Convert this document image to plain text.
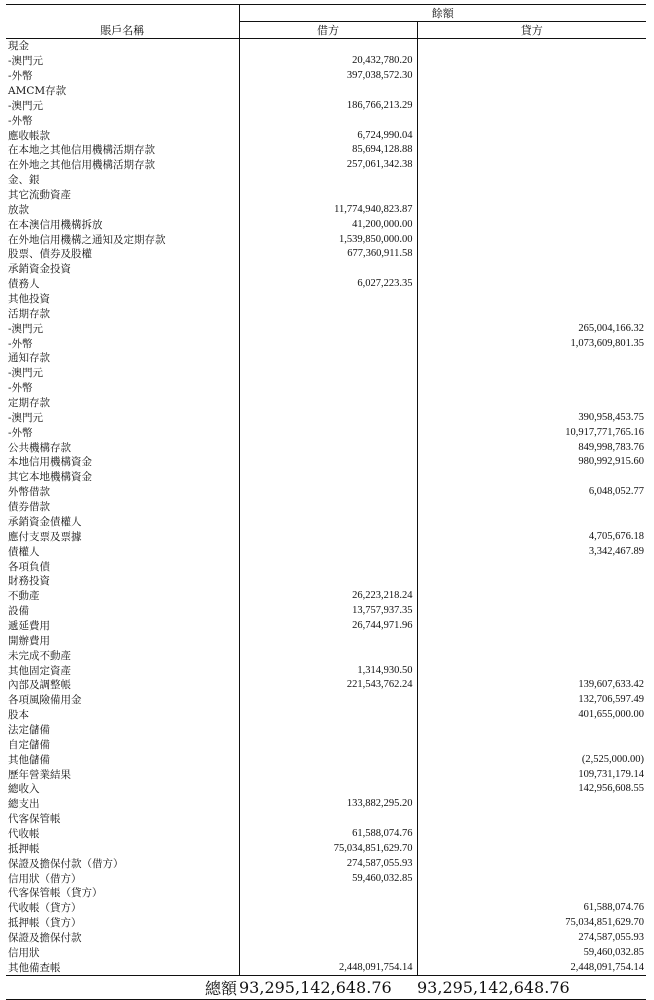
	餘額	
賬戶名稱	借方	貸方
現金		
-澳門元	20,432,780.20	
-外幣	397,038,572.30	
AMCM存款		
-澳門元	186,766,213.29	
-外幣		
應收帳款	6,724,990.04	
在本地之其他信用機構活期存款	85,694,128.88	
在外地之其他信用機構活期存款	257,061,342.38	
金、銀		
其它流動資產		
放款	11,774,940,823.87	
在本澳信用機構拆放	41,200,000.00	
在外地信用機構之通知及定期存款	1,539,850,000.00	
股票、債券及股權	677,360,911.58	
承銷資金投資		
債務人	6,027,223.35	
其他投資		
活期存款		
-澳門元		265,004,166.32
-外幣		1,073,609,801.35
通知存款		
-澳門元		
-外幣		
定期存款		
-澳門元		390,958,453.75
-外幣		10,917,771,765.16
公共機構存款		849,998,783.76
本地信用機構資金		980,992,915.60
其它本地機構資金		
外幣借款		6,048,052.77
債券借款		
承銷資金債權人		
應付支票及票據		4,705,676.18
債權人		3,342,467.89
各項負債		
財務投資		
不動產	26,223,218.24	
設備	13,757,937.35	
遞延費用	26,744,971.96	
開辦費用		
未完成不動產		
其他固定資產	1,314,930.50	
內部及調整帳	221,543,762.24	139,607,633.42
各項風險備用金		132,706,597.49
股本		401,655,000.00
法定儲備		
自定儲備		
其他儲備		(2,525,000.00)
歷年營業結果		109,731,179.14
總收入		142,956,608.55
總支出	133,882,295.20	
代客保管帳		
代收帳	61,588,074.76	
抵押帳	75,034,851,629.70	
保證及擔保付款（借方）	274,587,055.93	
信用狀（借方）	59,460,032.85	
代客保管帳（貸方）		
代收帳（貸方）		61,588,074.76
抵押帳（貸方）		75,034,851,629.70
保證及擔保付款		274,587,055.93
信用狀		59,460,032.85
其他備查帳	2,448,091,754.14	2,448,091,754.14
總額	93,295,142,648.76	93,295,142,648.76
